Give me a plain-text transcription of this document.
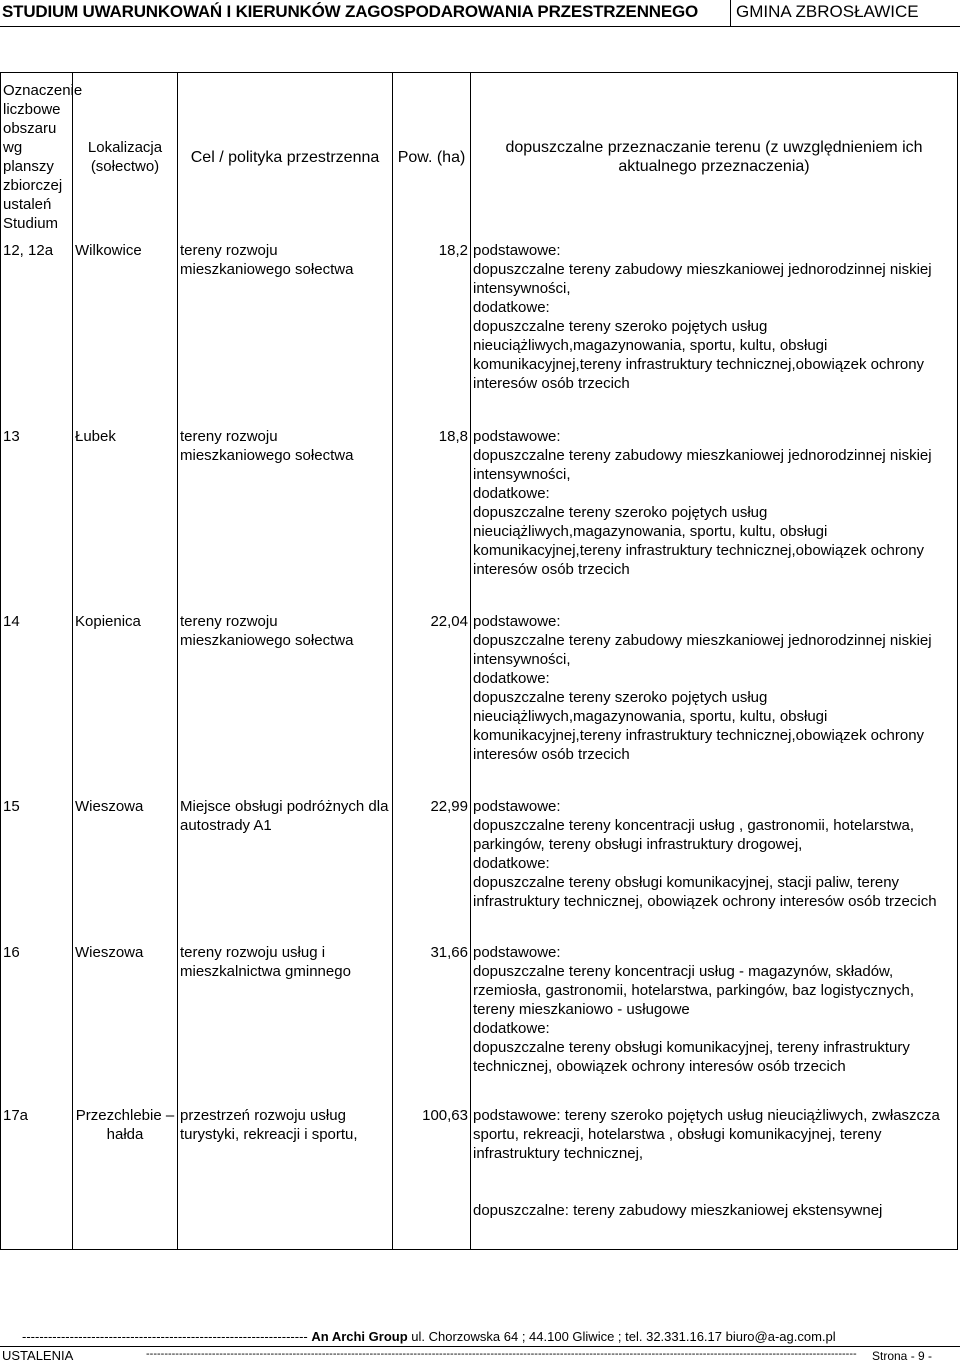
STUDIUM UWARUNKOWAŃ I KIERUNKÓW ZAGOSPODAROWANIA PRZESTRZENNEGO GMINA ZBROSŁAWICE
Oznaczenie liczbowe obszaru wg planszy zbiorczej ustaleń Studium	Lokalizacja (sołectwo)	Cel / polityka przestrzenna	Pow. (ha)	dopuszczalne przeznaczanie terenu (z uwzględnieniem ich aktualnego przeznaczenia)
12, 12a	Wilkowice	tereny rozwoju mieszkaniowego sołectwa	18,2	podstawowe:
dopuszczalne tereny zabudowy mieszkaniowej jednorodzinnej niskiej intensywności,
dodatkowe:
dopuszczalne tereny szeroko pojętych usług nieuciążliwych,magazynowania, sportu, kultu, obsługi komunikacyjnej,tereny infrastruktury technicznej,obowiązek ochrony interesów osób trzecich

13	Łubek	tereny rozwoju mieszkaniowego sołectwa	18,8	podstawowe:
dopuszczalne tereny zabudowy mieszkaniowej jednorodzinnej niskiej intensywności,
dodatkowe:
dopuszczalne tereny szeroko pojętych usług nieuciążliwych,magazynowania, sportu, kultu, obsługi komunikacyjnej,tereny infrastruktury technicznej,obowiązek ochrony interesów osób trzecich

14	Kopienica	tereny rozwoju mieszkaniowego sołectwa	22,04	podstawowe:
dopuszczalne tereny zabudowy mieszkaniowej jednorodzinnej niskiej intensywności,
dodatkowe:
dopuszczalne tereny szeroko pojętych usług nieuciążliwych,magazynowania, sportu, kultu, obsługi komunikacyjnej,tereny infrastruktury technicznej,obowiązek ochrony interesów osób trzecich

15	Wieszowa	Miejsce obsługi podróżnych dla autostrady A1	22,99	podstawowe:
dopuszczalne tereny koncentracji usług , gastronomii, hotelarstwa, parkingów, tereny obsługi infrastruktury drogowej,
dodatkowe:
dopuszczalne tereny obsługi komunikacyjnej, stacji paliw, tereny infrastruktury technicznej, obowiązek ochrony interesów osób trzecich

16	Wieszowa	tereny rozwoju usług i mieszkalnictwa gminnego	31,66	podstawowe:
dopuszczalne tereny koncentracji usług - magazynów, składów, rzemiosła, gastronomii, hotelarstwa, parkingów, baz logistycznych, tereny mieszkaniowo - usługowe
dodatkowe:
dopuszczalne tereny obsługi komunikacyjnej, tereny infrastruktury technicznej, obowiązek ochrony interesów osób trzecich

17a	Przezchlebie – hałda	przestrzeń rozwoju usług turystyki, rekreacji i sportu,	100,63	podstawowe: tereny szeroko pojętych usług nieuciążliwych, zwłaszcza sportu, rekreacji, hotelarstwa , obsługi komunikacyjnej, tereny infrastruktury technicznej,
dopuszczalne: tereny zabudowy mieszkaniowej ekstensywnej
------------------------------------------------------------------ An Archi Group ul. Chorzowska 64 ; 44.100 Gliwice ; tel. 32.331.16.17 biuro@a-ag.com.pl
USTALENIA	--------------------------------------------------------------------------------------------------------------------------------------------------------------------------------------------------	Strona - 9 -
